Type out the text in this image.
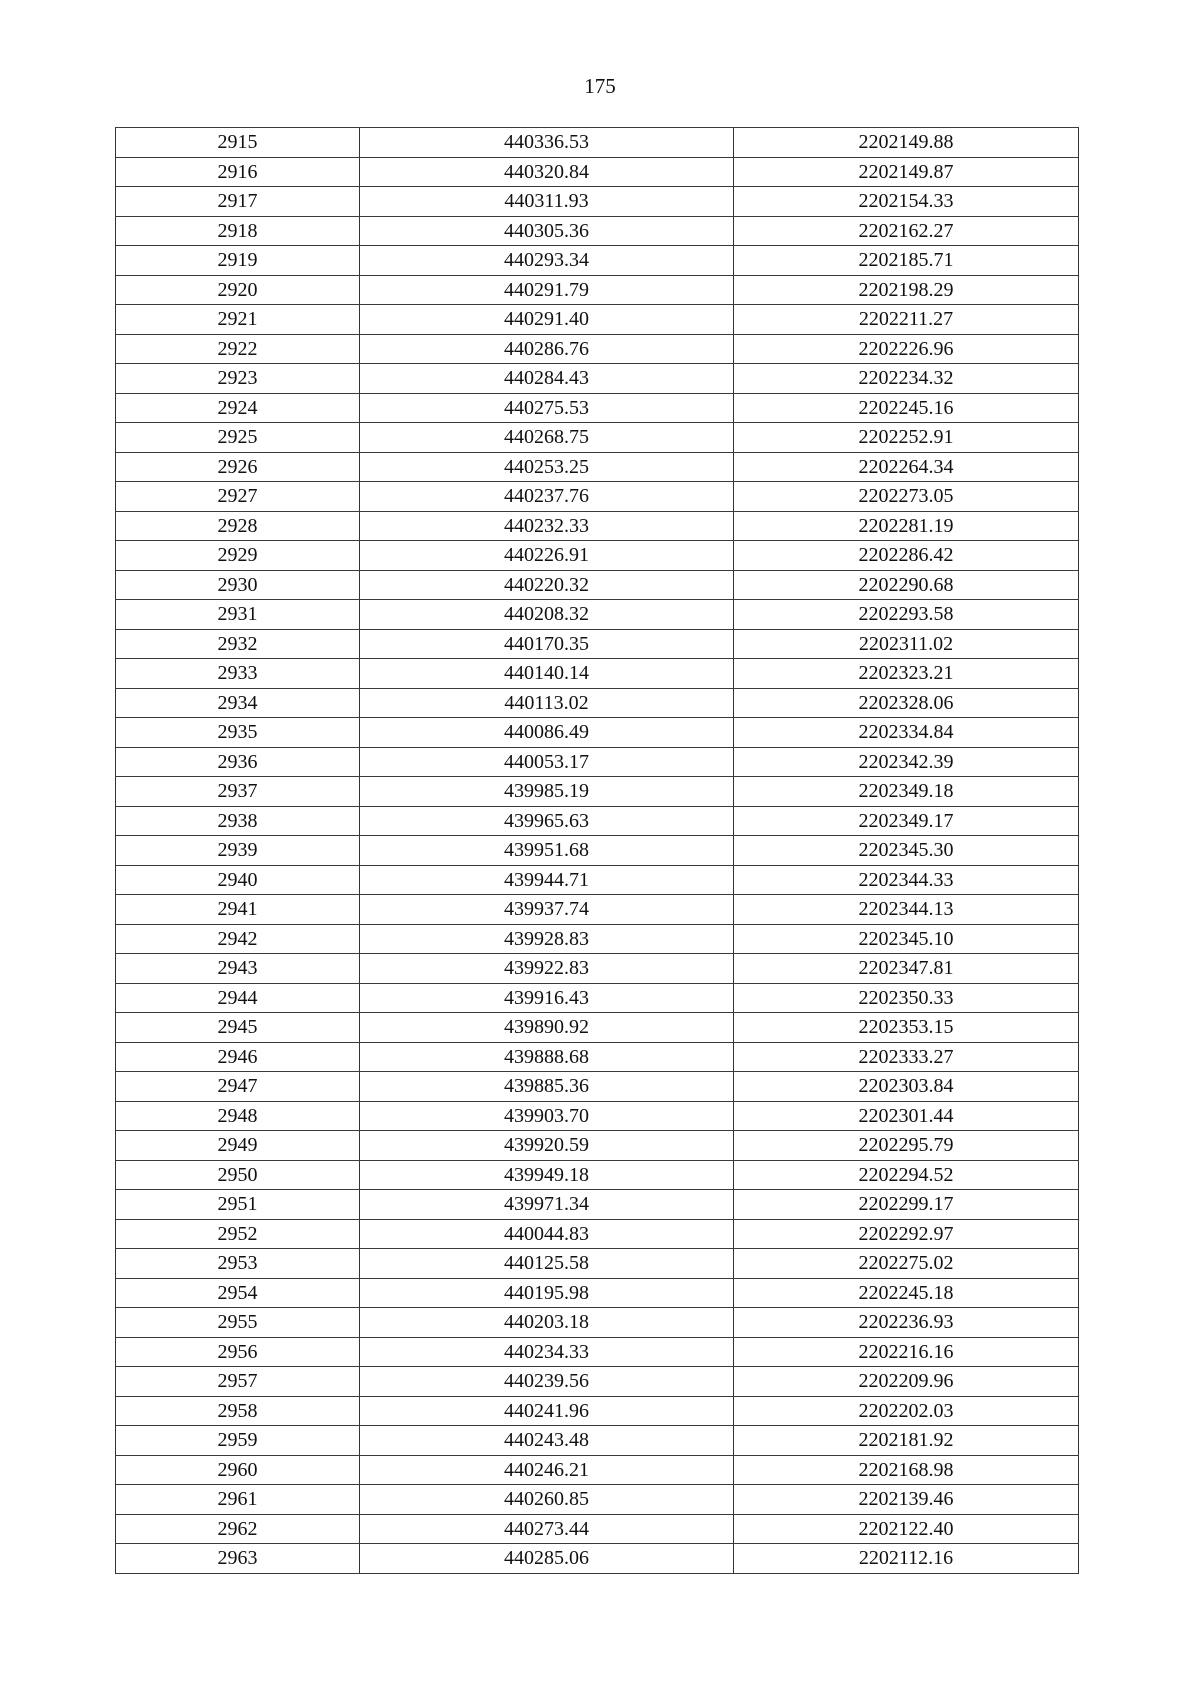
175
2915	440336.53	2202149.88
2916	440320.84	2202149.87
2917	440311.93	2202154.33
2918	440305.36	2202162.27
2919	440293.34	2202185.71
2920	440291.79	2202198.29
2921	440291.40	2202211.27
2922	440286.76	2202226.96
2923	440284.43	2202234.32
2924	440275.53	2202245.16
2925	440268.75	2202252.91
2926	440253.25	2202264.34
2927	440237.76	2202273.05
2928	440232.33	2202281.19
2929	440226.91	2202286.42
2930	440220.32	2202290.68
2931	440208.32	2202293.58
2932	440170.35	2202311.02
2933	440140.14	2202323.21
2934	440113.02	2202328.06
2935	440086.49	2202334.84
2936	440053.17	2202342.39
2937	439985.19	2202349.18
2938	439965.63	2202349.17
2939	439951.68	2202345.30
2940	439944.71	2202344.33
2941	439937.74	2202344.13
2942	439928.83	2202345.10
2943	439922.83	2202347.81
2944	439916.43	2202350.33
2945	439890.92	2202353.15
2946	439888.68	2202333.27
2947	439885.36	2202303.84
2948	439903.70	2202301.44
2949	439920.59	2202295.79
2950	439949.18	2202294.52
2951	439971.34	2202299.17
2952	440044.83	2202292.97
2953	440125.58	2202275.02
2954	440195.98	2202245.18
2955	440203.18	2202236.93
2956	440234.33	2202216.16
2957	440239.56	2202209.96
2958	440241.96	2202202.03
2959	440243.48	2202181.92
2960	440246.21	2202168.98
2961	440260.85	2202139.46
2962	440273.44	2202122.40
2963	440285.06	2202112.16
